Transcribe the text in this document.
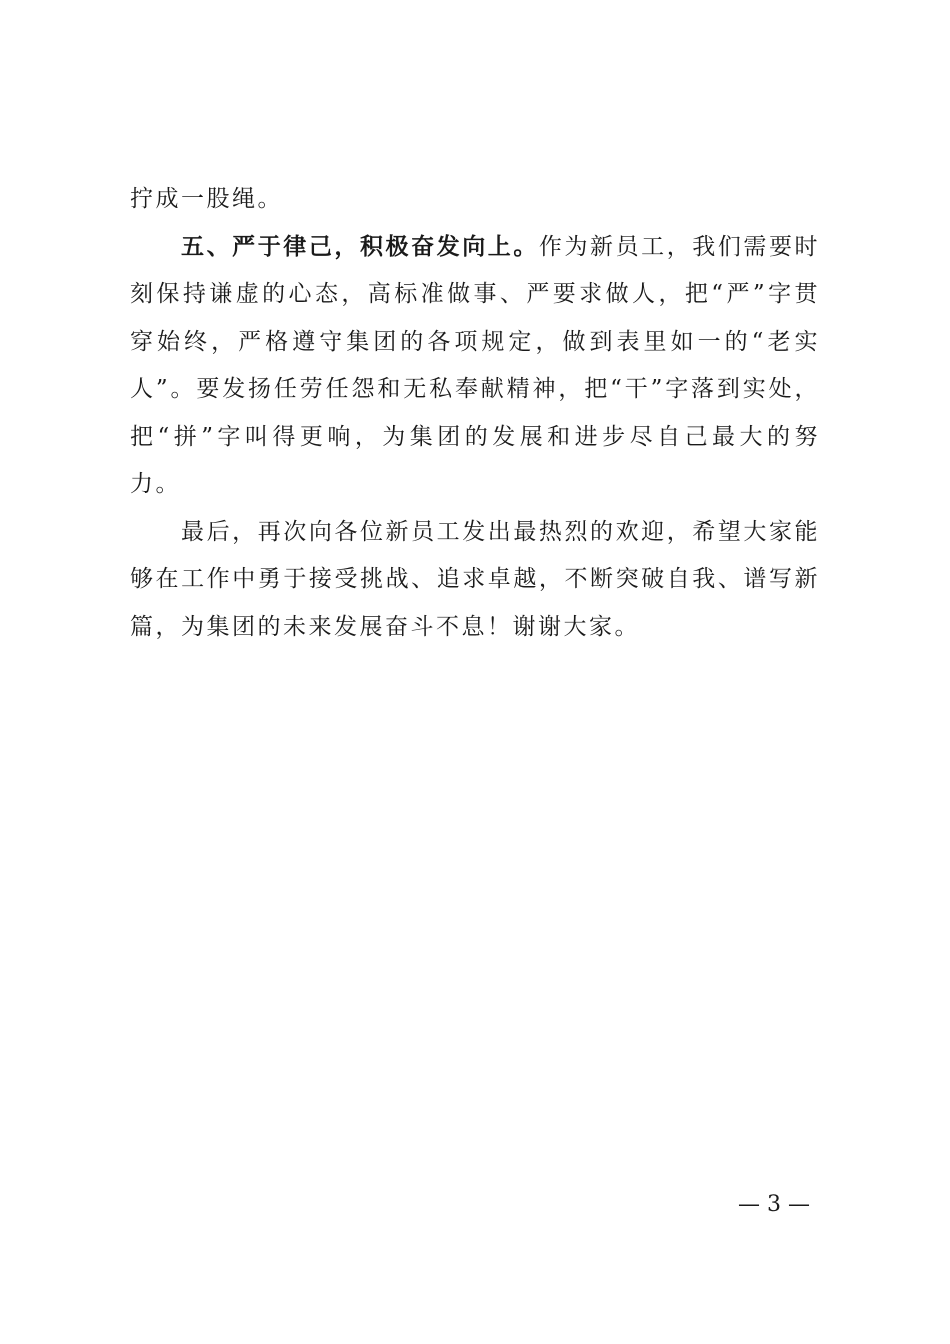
拧成一股绳。

五、严于律己，积极奋发向上。作为新员工，我们需要时刻保持谦虚的心态，高标准做事、严要求做人，把“严”字贯穿始终，严格遵守集团的各项规定，做到表里如一的“老实人”。要发扬任劳任怨和无私奉献精神，把“干”字落到实处，把“拼”字叫得更响，为集团的发展和进步尽自己最大的努力。

最后，再次向各位新员工发出最热烈的欢迎，希望大家能够在工作中勇于接受挑战、追求卓越，不断突破自我、谱写新篇，为集团的未来发展奋斗不息！谢谢大家。

— 3 —
